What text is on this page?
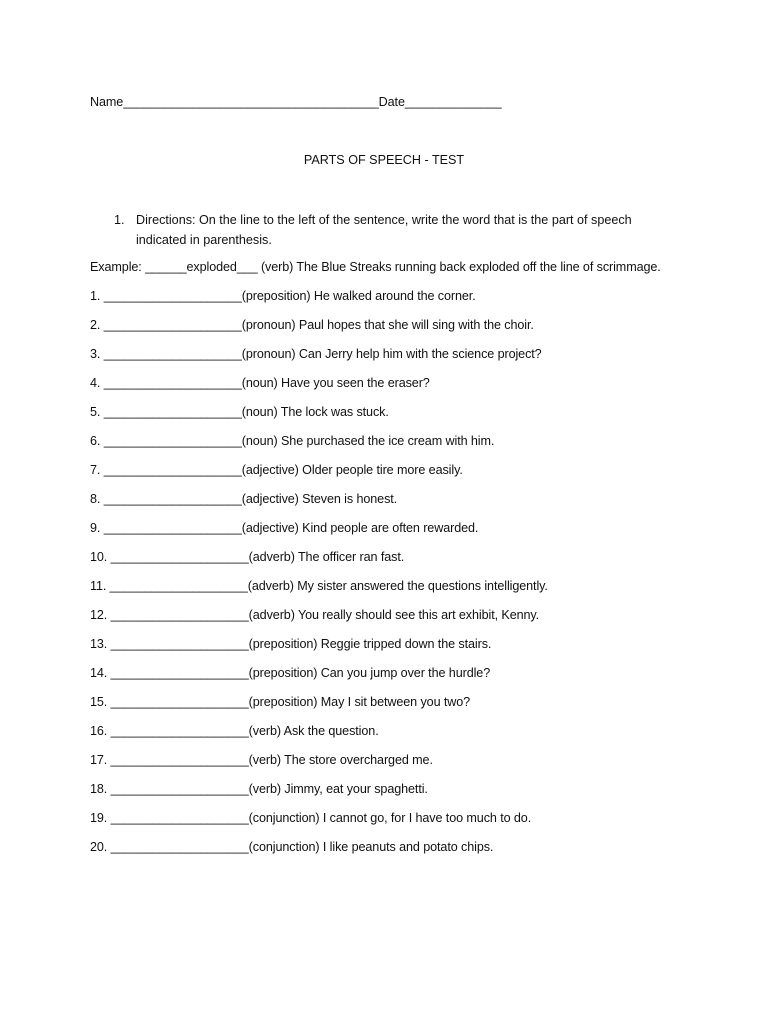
Name_____________________________________Date______________
PARTS OF SPEECH - TEST
1. Directions: On the line to the left of the sentence, write the word that is the part of speech indicated in parenthesis.
Example: ______exploded___ (verb) The Blue Streaks running back exploded off the line of scrimmage.
1. ____________________(preposition) He walked around the corner.
2. ____________________(pronoun) Paul hopes that she will sing with the choir.
3. ____________________(pronoun) Can Jerry help him with the science project?
4. ____________________(noun) Have you seen the eraser?
5. ____________________(noun) The lock was stuck.
6. ____________________(noun) She purchased the ice cream with him.
7. ____________________(adjective) Older people tire more easily.
8. ____________________(adjective) Steven is honest.
9. ____________________(adjective) Kind people are often rewarded.
10. ____________________(adverb) The officer ran fast.
11. ____________________(adverb) My sister answered the questions intelligently.
12. ____________________(adverb) You really should see this art exhibit, Kenny.
13. ____________________(preposition) Reggie tripped down the stairs.
14. ____________________(preposition) Can you jump over the hurdle?
15. ____________________(preposition) May I sit between you two?
16. ____________________(verb) Ask the question.
17. ____________________(verb) The store overcharged me.
18. ____________________(verb) Jimmy, eat your spaghetti.
19. ____________________(conjunction) I cannot go, for I have too much to do.
20. ____________________(conjunction) I like peanuts and potato chips.
